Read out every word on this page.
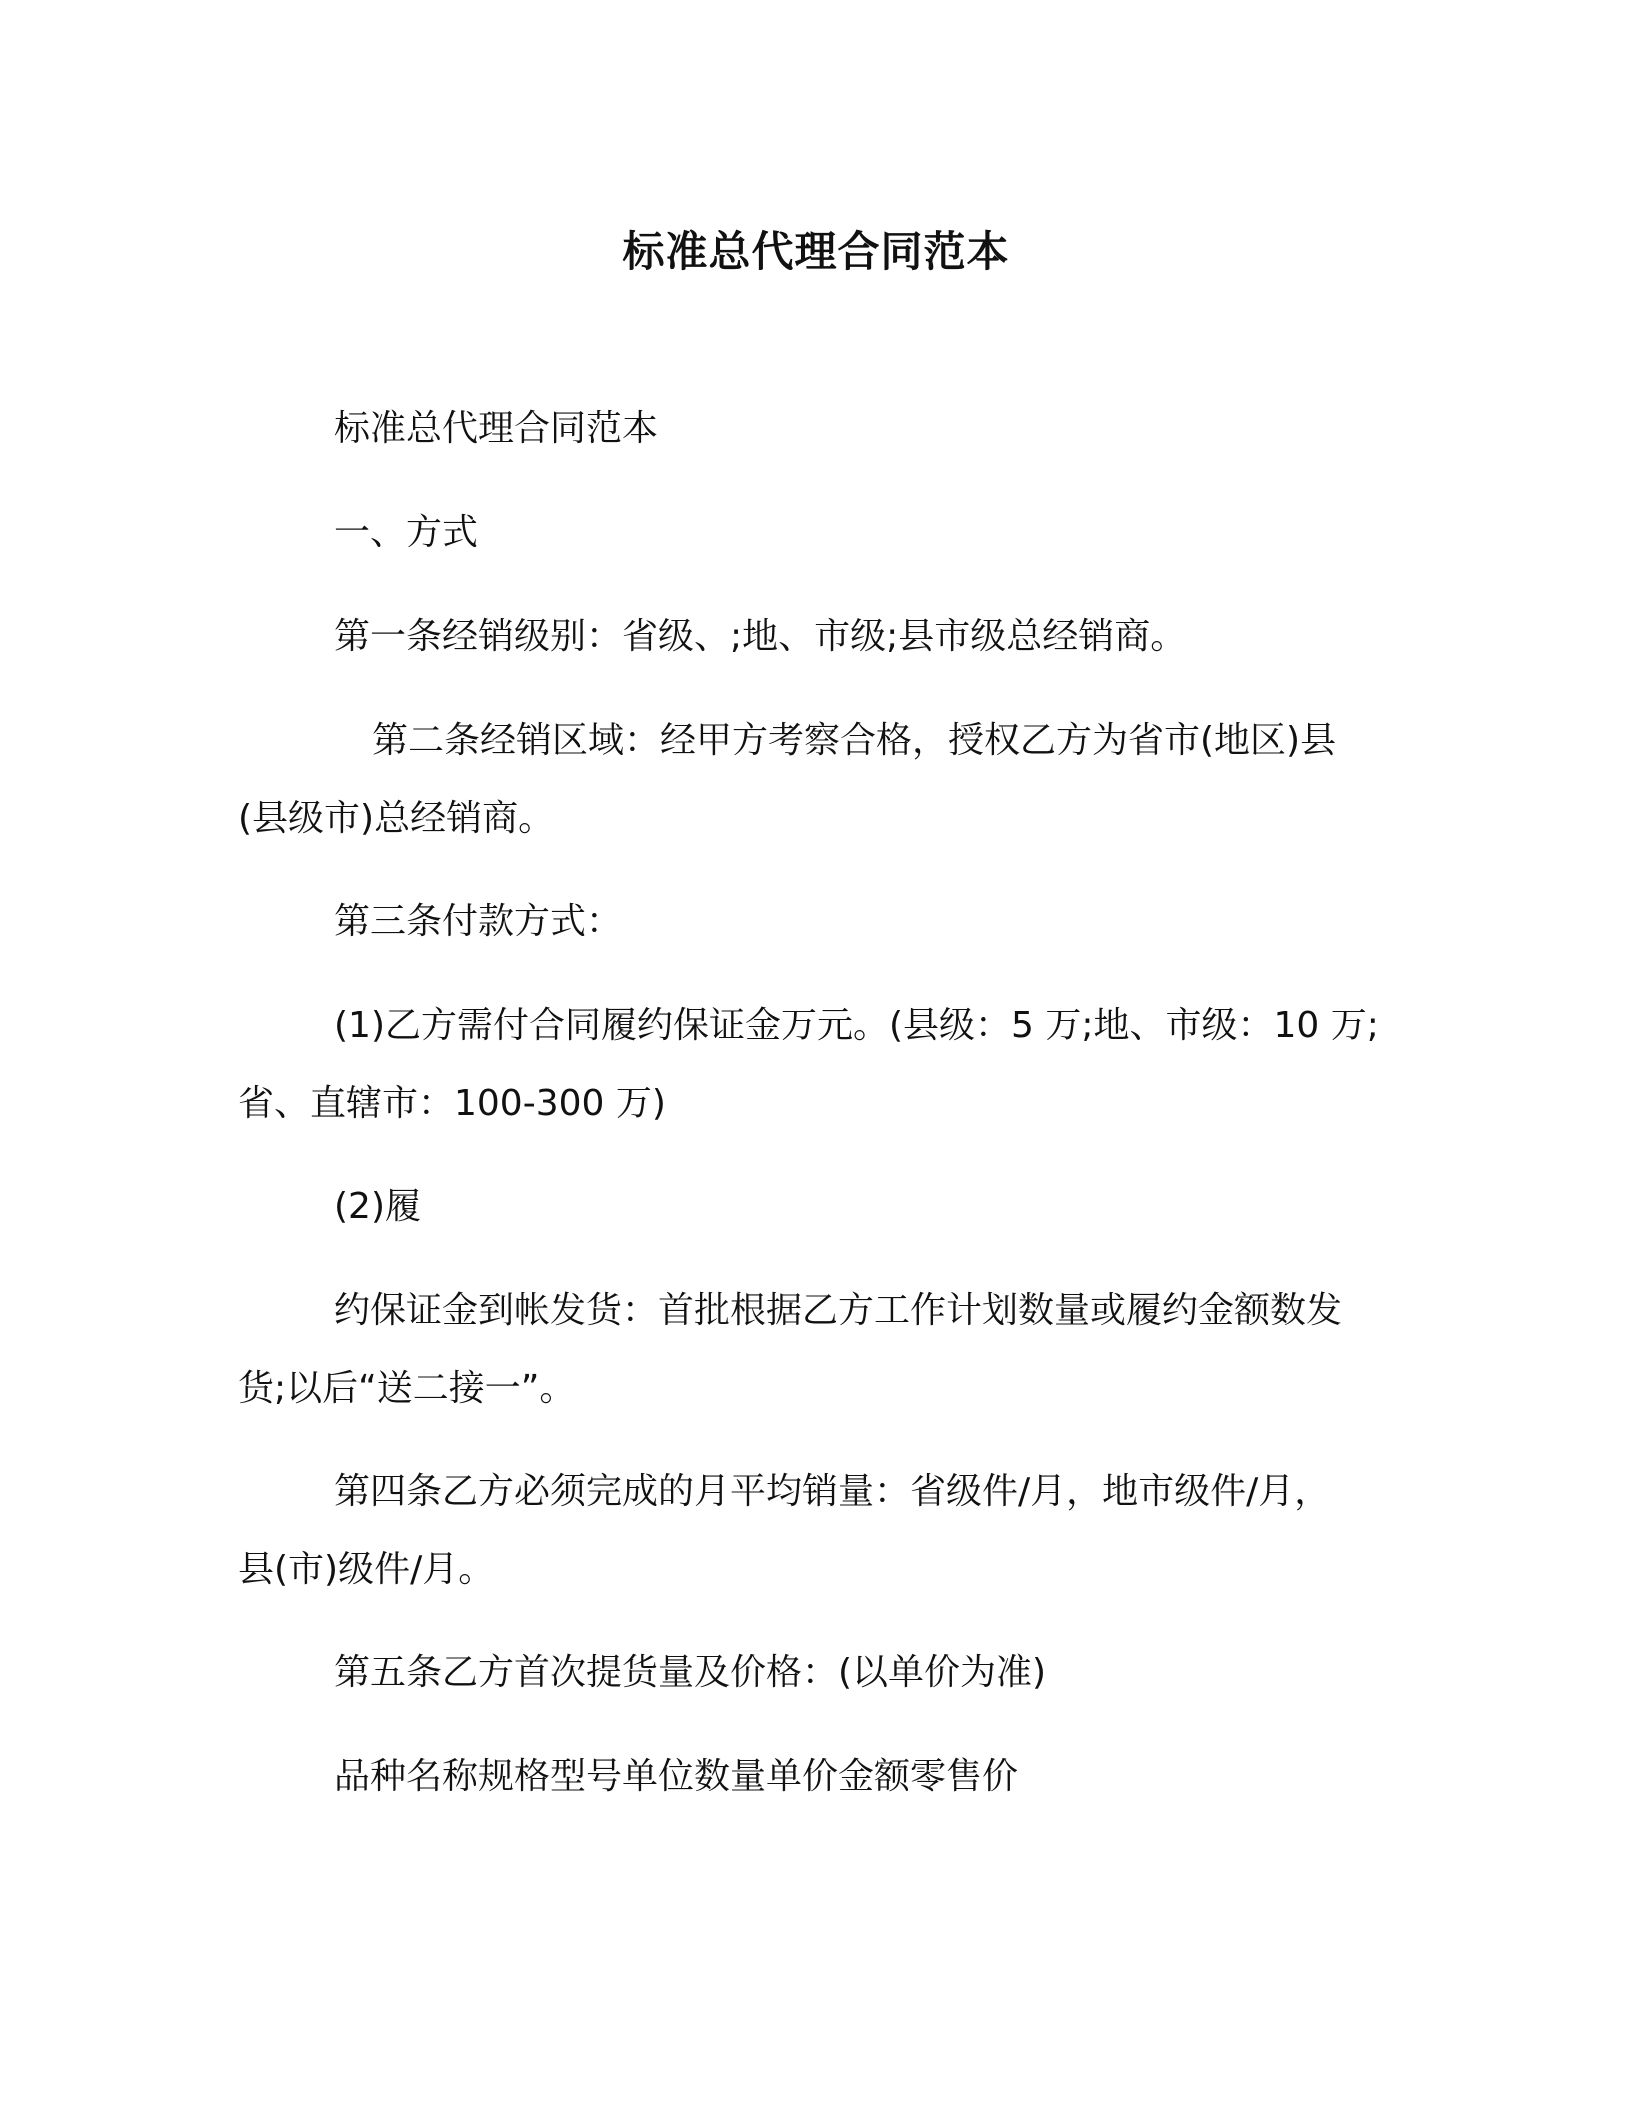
标准总代理合同范本
标准总代理合同范本
一、方式
第一条经销级别：省级、;地、市级;县市级总经销商。
第二条经销区域：经甲方考察合格，授权乙方为省市(地区)县
(县级市)总经销商。
第三条付款方式：
(1)乙方需付合同履约保证金万元。(县级：5 万;地、市级：10 万;
省、直辖市：100-300 万)
(2)履
约保证金到帐发货：首批根据乙方工作计划数量或履约金额数发
货;以后“送二接一”。
第四条乙方必须完成的月平均销量：省级件/月，地市级件/月，
县(市)级件/月。
第五条乙方首次提货量及价格：(以单价为准)
品种名称规格型号单位数量单价金额零售价
